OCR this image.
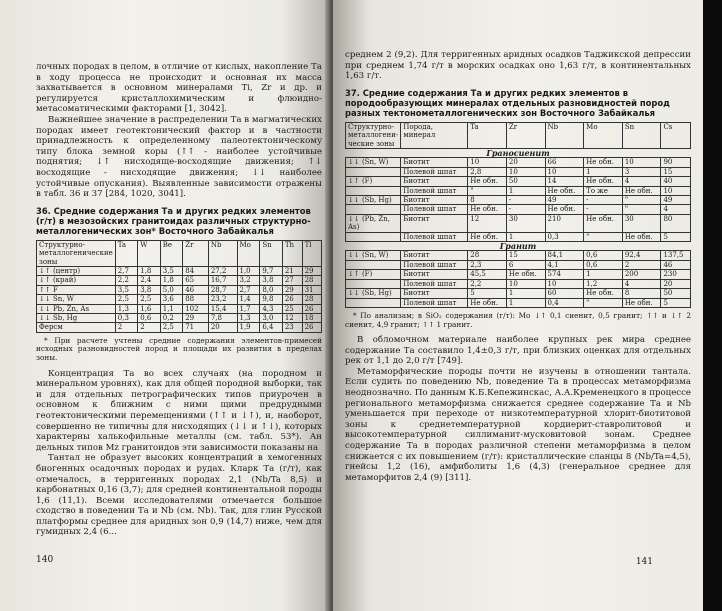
лочных породах в целом, в отличие от кислых, накопление Та в ходу процесса не происходит и основная их масса захватывается в основном минералами Ti, Zr и др. и регулируется кристаллохимическим и флюидно-метасоматическими факторами [1, 3042].

Важнейшее значение в распределении Та в магматических породах имеет геотектонический фактор и в частности принадлежность к определенному палеотектоническому типу блока земной коры (↑↑ - наиболее устойчивые поднятия; ↓↑ нисходяще-восходящие движения; ↑↓ восходящие - нисходящие движения; ↓↓ наиболее устойчивые опускания). Выявленные зависимости отражены в табл. 36 и 37 [284, 1020, 3041].

36. Средние содержания Та и других редких элементов (г/т) в мезозойских гранитоидах различных структурно-металлогенических зон* Восточного Забайкалья
Структурно-металлогенические зоны	Ta	W	Be	Zr	Nb	Mo	Sn	Th	Tl
↓↑ (центр)	2,7	1,8	3,5	84	27,2	1,0	9,7	21	29
↓↑ (край)	2,2	2,4	1,8	65	16,7	3,2	3,8	27	28
↑↑ F	3,5	3,8	5,0	46	28,7	2,7	8,0	29	31
↓↓ Sn, W	2,5	2,5	3,6	88	23,2	1,4	9,8	26	28
↓↓ Pb, Zn, As	1,3	1,6	1,1	102	15,4	1,7	4,3	25	26
↓↓ Sb, Hg	0,3	0,6	0,2	29	7,8	1,3	3,0	12	18
Ферсм	2	2	2,5	71	20	1,9	6,4	23	26

* При расчете учтены средние содержания элементов-примесей исходных разновидностей пород и площади их развития в пределах зоны.

Концентрация Та во всех случаях (на породном и минеральном уровнях), как для общей породной выборки, так и для отдельных петрографических типов приурочен в основном к ближним с ними щими предрудными геотектоническими перемещениями (↑↑ и ↓↑), и, наоборот, совершенно не типичны для нисходящих (↓↓ и ↑↓), которых характерны халькофильные металлы (см. табл. 53*). Ан дельных типов Mz гранитоидов эти зависимости показаны на

Тантал не образует высоких концентраций в хемогенных биогенных осадочных породах и рудах. Кларк Та (г/т), как отмечалось, в терригенных породах 2,1 (Nb/Ta 8,5) и карбонатных 0,16 (3,7); для средней континентальной породы 1,6 (11,1). Всеми исследователями отмечается большое сходство в поведении Та и Nb (см. Nb). Так, для глин Русской платформы среднее для аридных зон 0,9 (14,7) ниже, чем для гумидных 2,4 (6...

140

среднем 2 (9,2). Для терригенных аридных осадков Таджикской депрессии при среднем 1,74 г/т в морских осадках оно 1,63 г/т, в континентальных 1,63 г/т.

37. Средние содержания Та и других редких элементов в породообразующих минералах отдельных разновидностей пород разных тектонометаллогенических зон Восточного Забайкалья
Структурно-металлогени-ческие зоны	Порода, минерал	Ta	Zr	Nb	Mo	Sn	Cs
Граносиенит							
↓↓ (Sn, W)	Биотит	10	20	66	Не обн.	10	90
	Полевой шпат	2,8	10	10	1	3	15
↓↑ (F)	Биотит	Не обн.	50	14	Не обн.	4	40
	Полевой шпат	"	1	Не обн.	То же	Не обн.	10
↓↓ (Sb, Hg)	Биотит	8	-	49	-	"	49
	Полевой шпат	Не обн.	-	Не обн.	-	"	4
↓↓ (Pb, Zn, As)	Биотит	12	30	210	Не обн.	30	80
	Полевой шпат	Не обн.	1	0,3	"	Не обн.	5
Гранит							
↓↓ (Sn, W)	Биотит	28	15	84,1	0,6	92,4	137,5
	Полевой шпат	2,3	6	4,1	0,6	2	46
↓↑ (F)	Биотит	45,5	Не обн.	574	1	200	230
	Полевой шпат	2,2	10	10	1,2	4	20
↓↓ (Sb, Hg)	Биотит	5	1	60	Не обн.	8	50
	Полевой шпат	Не обн.	1	0,4	"	Не обн.	5

* По анализам; в SiO₂ содержания (г/т): Mo ↓↑ 0,1 сиенит, 0,5 гранит; ↑↑ и ↓↑ 2 сиенит, 4,9 гранит; ↑↑ 1 гранит.

В обломочном материале наиболее крупных рек мира среднее содержание Та составило 1,4±0,3 г/т, при близких оценках для отдельных рек от 1,1 до 2,0 г/т [749].

Метаморфические породы почти не изучены в отношении тантала. Если судить по поведению Nb, поведение Та в процессах метаморфизма неоднозначно. По данным К.Б.Кепежинскас, А.А.Кременецкого в процессе регионального метаморфизма снижается среднее содержание Та и Nb уменьшается при переходе от низкотемпературной хлорит-биотитовой зоны к среднетемпературной кордиерит-ставролитовой и высокотемпературной силлиманит-мусковитовой зонам. Среднее содержание Та в породах различной степени метаморфизма в целом снижается с их повышением (г/т): кристаллические сланцы 8 (Nb/Ta=4,5), гнейсы 1,2 (16), амфиболиты 1,6 (4,3) (генеральное среднее для метаморфитов 2,4 (9) [311].

141
